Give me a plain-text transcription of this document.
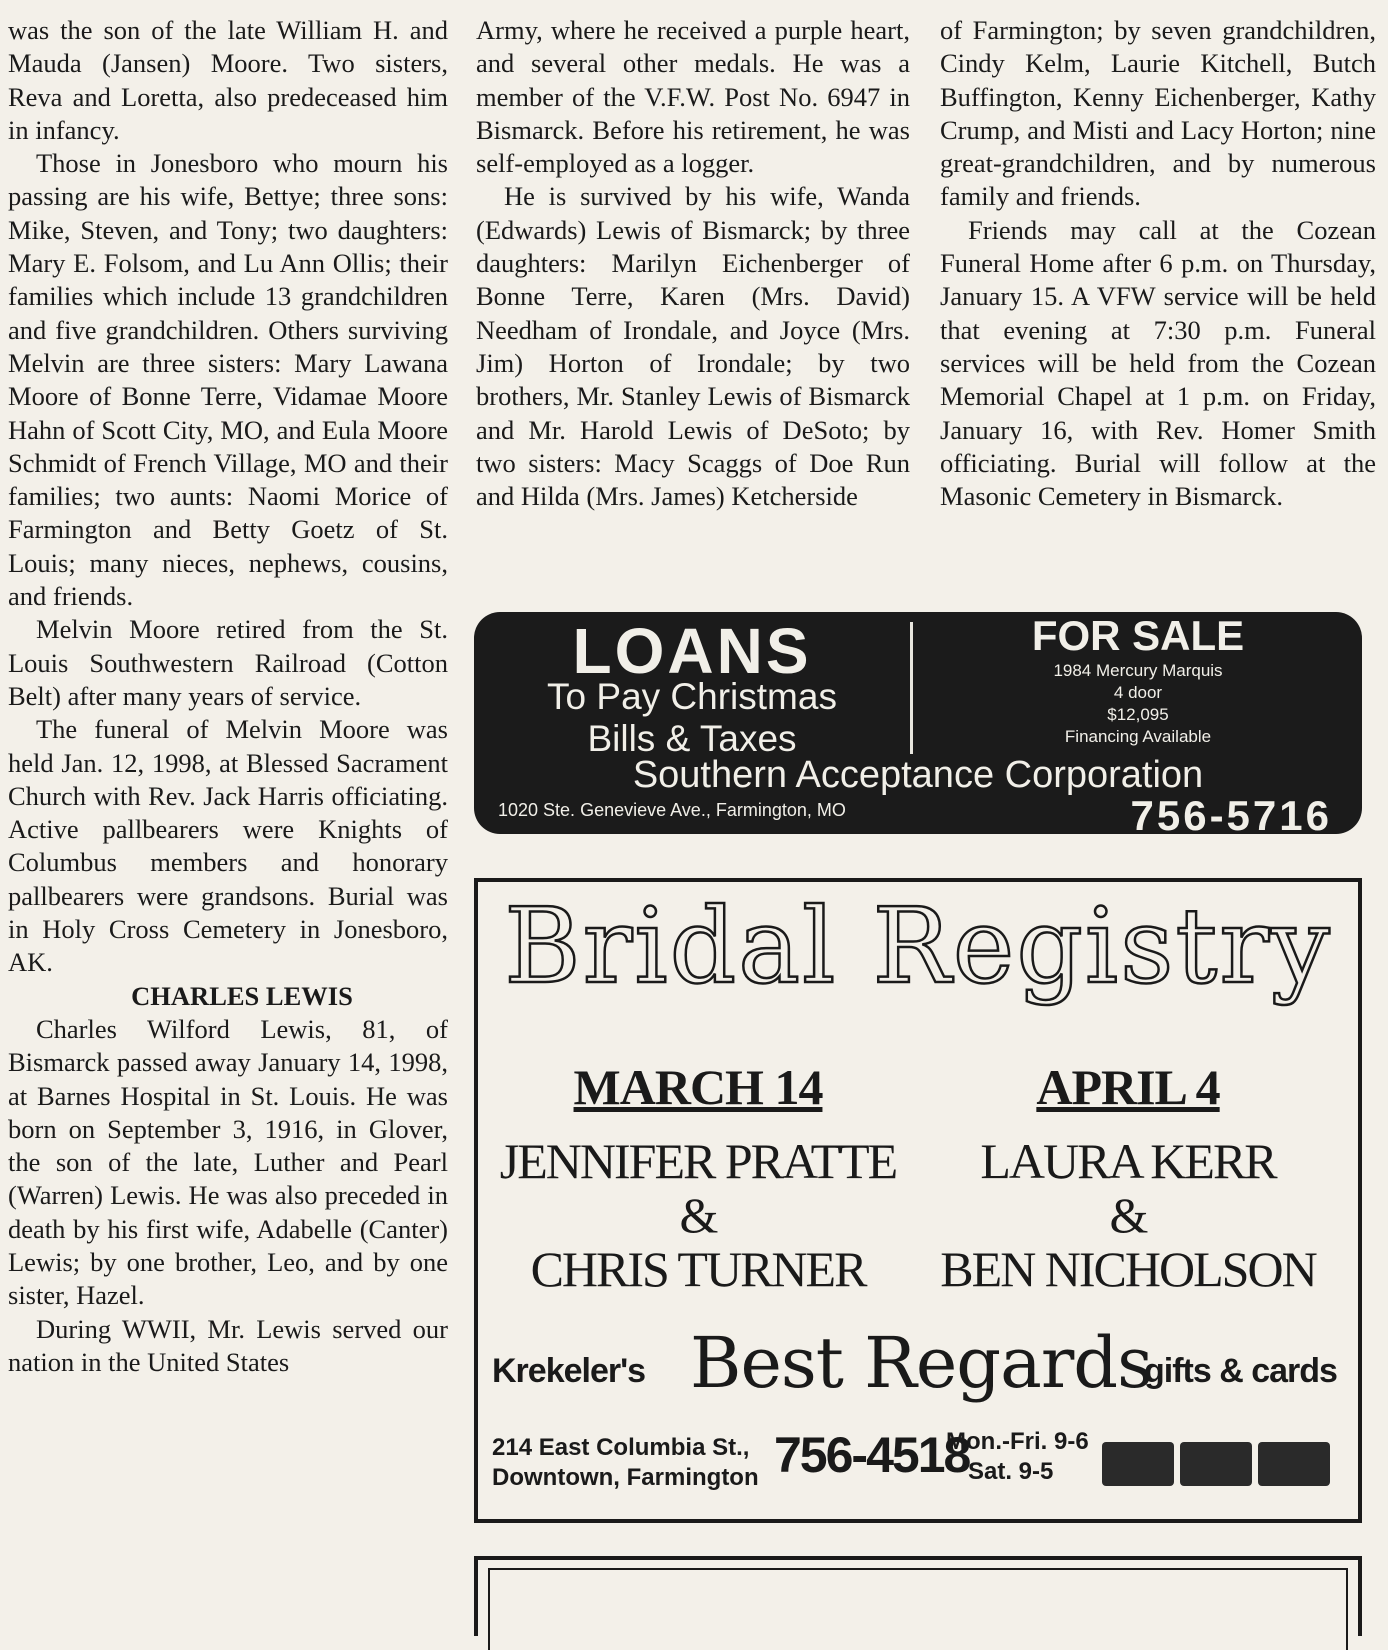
was the son of the late William H. and Mauda (Jansen) Moore. Two sisters, Reva and Loretta, also predeceased him in infancy.

Those in Jonesboro who mourn his passing are his wife, Bettye; three sons: Mike, Steven, and Tony; two daughters: Mary E. Folsom, and Lu Ann Ollis; their families which include 13 grandchildren and five grandchildren. Others surviving Melvin are three sisters: Mary Lawana Moore of Bonne Terre, Vidamae Moore Hahn of Scott City, MO, and Eula Moore Schmidt of French Village, MO and their families; two aunts: Naomi Morice of Farmington and Betty Goetz of St. Louis; many nieces, nephews, cousins, and friends.

Melvin Moore retired from the St. Louis Southwestern Railroad (Cotton Belt) after many years of service.

The funeral of Melvin Moore was held Jan. 12, 1998, at Blessed Sacrament Church with Rev. Jack Harris officiating. Active pallbearers were Knights of Columbus members and honorary pallbearers were grandsons. Burial was in Holy Cross Cemetery in Jonesboro, AK.

CHARLES LEWIS

Charles Wilford Lewis, 81, of Bismarck passed away January 14, 1998, at Barnes Hospital in St. Louis. He was born on September 3, 1916, in Glover, the son of the late, Luther and Pearl (Warren) Lewis. He was also preceded in death by his first wife, Adabelle (Canter) Lewis; by one brother, Leo, and by one sister, Hazel.

During WWII, Mr. Lewis served our nation in the United States

Army, where he received a purple heart, and several other medals. He was a member of the V.F.W. Post No. 6947 in Bismarck. Before his retirement, he was self-employed as a logger.

He is survived by his wife, Wanda (Edwards) Lewis of Bismarck; by three daughters: Marilyn Eichenberger of Bonne Terre, Karen (Mrs. David) Needham of Irondale, and Joyce (Mrs. Jim) Horton of Irondale; by two brothers, Mr. Stanley Lewis of Bismarck and Mr. Harold Lewis of DeSoto; by two sisters: Macy Scaggs of Doe Run and Hilda (Mrs. James) Ketcherside

of Farmington; by seven grandchildren, Cindy Kelm, Laurie Kitchell, Butch Buffington, Kenny Eichenberger, Kathy Crump, and Misti and Lacy Horton; nine great-grandchildren, and by numerous family and friends.

Friends may call at the Cozean Funeral Home after 6 p.m. on Thursday, January 15. A VFW service will be held that evening at 7:30 p.m. Funeral services will be held from the Cozean Memorial Chapel at 1 p.m. on Friday, January 16, with Rev. Homer Smith officiating. Burial will follow at the Masonic Cemetery in Bismarck.

LOANS
To Pay Christmas
Bills & Taxes
FOR SALE
1984 Mercury Marquis
4 door
$12,095
Financing Available
Southern Acceptance Corporation
1020 Ste. Genevieve Ave., Farmington, MO	756-5716
Bridal Registry
MARCH 14
JENNIFER PRATTE
&
CHRIS TURNER
APRIL 4
LAURA KERR
&
BEN NICHOLSON
Krekeler's Best Regards
gifts & cards
214 East Columbia St.,
Downtown, Farmington 756-4518
Mon.-Fri. 9-6
Sat. 9-5
